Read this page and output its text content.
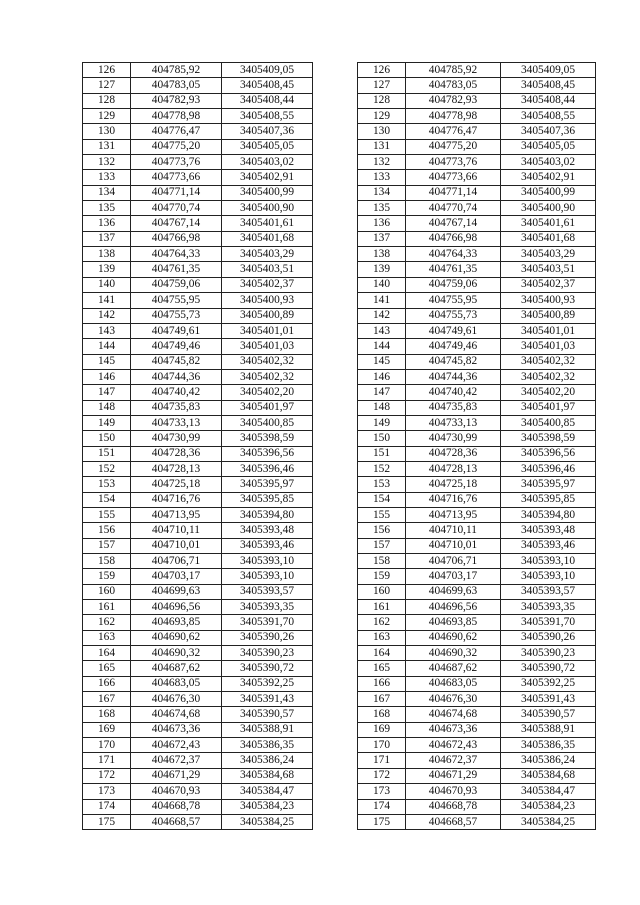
126	404785,92	3405409,05		126	404785,92	3405409,05
127	404783,05	3405408,45		127	404783,05	3405408,45
128	404782,93	3405408,44		128	404782,93	3405408,44
129	404778,98	3405408,55		129	404778,98	3405408,55
130	404776,47	3405407,36		130	404776,47	3405407,36
131	404775,20	3405405,05		131	404775,20	3405405,05
132	404773,76	3405403,02		132	404773,76	3405403,02
133	404773,66	3405402,91		133	404773,66	3405402,91
134	404771,14	3405400,99		134	404771,14	3405400,99
135	404770,74	3405400,90		135	404770,74	3405400,90
136	404767,14	3405401,61		136	404767,14	3405401,61
137	404766,98	3405401,68		137	404766,98	3405401,68
138	404764,33	3405403,29		138	404764,33	3405403,29
139	404761,35	3405403,51		139	404761,35	3405403,51
140	404759,06	3405402,37		140	404759,06	3405402,37
141	404755,95	3405400,93		141	404755,95	3405400,93
142	404755,73	3405400,89		142	404755,73	3405400,89
143	404749,61	3405401,01		143	404749,61	3405401,01
144	404749,46	3405401,03		144	404749,46	3405401,03
145	404745,82	3405402,32		145	404745,82	3405402,32
146	404744,36	3405402,32		146	404744,36	3405402,32
147	404740,42	3405402,20		147	404740,42	3405402,20
148	404735,83	3405401,97		148	404735,83	3405401,97
149	404733,13	3405400,85		149	404733,13	3405400,85
150	404730,99	3405398,59		150	404730,99	3405398,59
151	404728,36	3405396,56		151	404728,36	3405396,56
152	404728,13	3405396,46		152	404728,13	3405396,46
153	404725,18	3405395,97		153	404725,18	3405395,97
154	404716,76	3405395,85		154	404716,76	3405395,85
155	404713,95	3405394,80		155	404713,95	3405394,80
156	404710,11	3405393,48		156	404710,11	3405393,48
157	404710,01	3405393,46		157	404710,01	3405393,46
158	404706,71	3405393,10		158	404706,71	3405393,10
159	404703,17	3405393,10		159	404703,17	3405393,10
160	404699,63	3405393,57		160	404699,63	3405393,57
161	404696,56	3405393,35		161	404696,56	3405393,35
162	404693,85	3405391,70		162	404693,85	3405391,70
163	404690,62	3405390,26		163	404690,62	3405390,26
164	404690,32	3405390,23		164	404690,32	3405390,23
165	404687,62	3405390,72		165	404687,62	3405390,72
166	404683,05	3405392,25		166	404683,05	3405392,25
167	404676,30	3405391,43		167	404676,30	3405391,43
168	404674,68	3405390,57		168	404674,68	3405390,57
169	404673,36	3405388,91		169	404673,36	3405388,91
170	404672,43	3405386,35		170	404672,43	3405386,35
171	404672,37	3405386,24		171	404672,37	3405386,24
172	404671,29	3405384,68		172	404671,29	3405384,68
173	404670,93	3405384,47		173	404670,93	3405384,47
174	404668,78	3405384,23		174	404668,78	3405384,23
175	404668,57	3405384,25		175	404668,57	3405384,25
